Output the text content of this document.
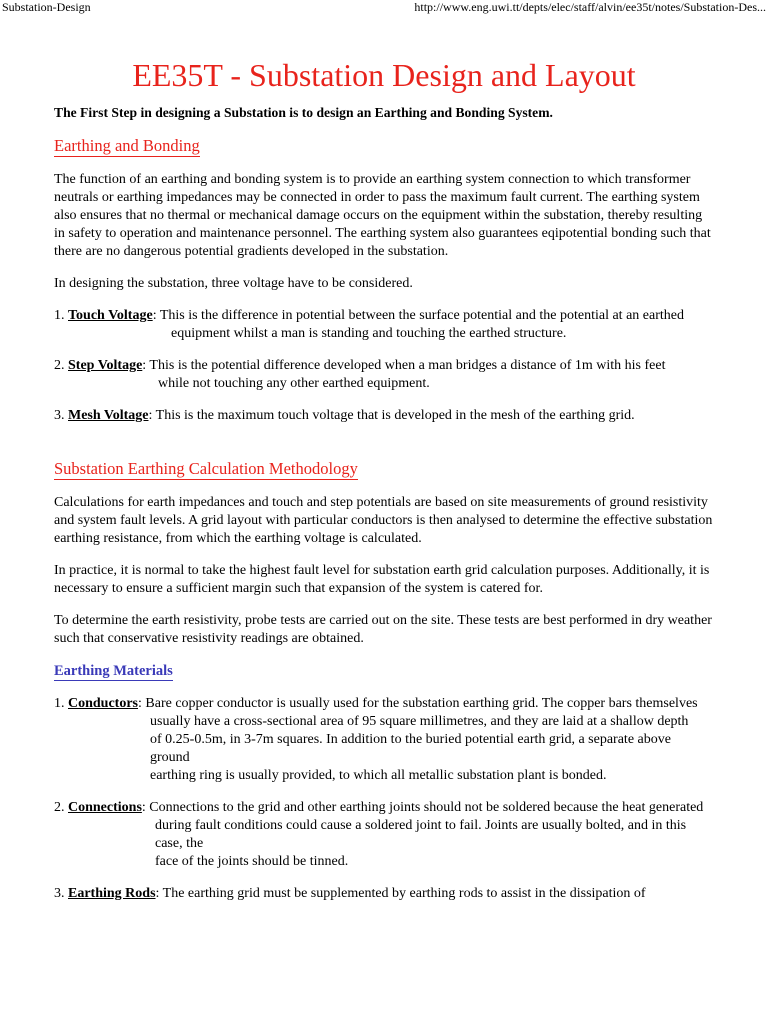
Substation-Design	http://www.eng.uwi.tt/depts/elec/staff/alvin/ee35t/notes/Substation-Des...
EE35T - Substation Design and Layout
The First Step in designing a Substation is to design an Earthing and Bonding System.
Earthing and Bonding

The function of an earthing and bonding system is to provide an earthing system connection to which transformer neutrals or earthing impedances may be connected in order to pass the maximum fault current. The earthing system also ensures that no thermal or mechanical damage occurs on the equipment within the substation, thereby resulting in safety to operation and maintenance personnel. The earthing system also guarantees eqipotential bonding such that there are no dangerous potential gradients developed in the substation.

In designing the substation, three voltage have to be considered.

1. Touch Voltage: This is the difference in potential between the surface potential and the potential at an earthed
equipment whilst a man is standing and touching the earthed structure.
2. Step Voltage: This is the potential difference developed when a man bridges a distance of 1m with his feet
while not touching any other earthed equipment.
3. Mesh Voltage: This is the maximum touch voltage that is developed in the mesh of the earthing grid.
Substation Earthing Calculation Methodology

Calculations for earth impedances and touch and step potentials are based on site measurements of ground resistivity and system fault levels. A grid layout with particular conductors is then analysed to determine the effective substation earthing resistance, from which the earthing voltage is calculated.

In practice, it is normal to take the highest fault level for substation earth grid calculation purposes. Additionally, it is necessary to ensure a sufficient margin such that expansion of the system is catered for.

To determine the earth resistivity, probe tests are carried out on the site. These tests are best performed in dry weather such that conservative resistivity readings are obtained.

Earthing Materials
1. Conductors: Bare copper conductor is usually used for the substation earthing grid. The copper bars themselves
usually have a cross-sectional area of 95 square millimetres, and they are laid at a shallow depth
of 0.25-0.5m, in 3-7m squares. In addition to the buried potential earth grid, a separate above ground
earthing ring is usually provided, to which all metallic substation plant is bonded.
2. Connections: Connections to the grid and other earthing joints should not be soldered because the heat generated
during fault conditions could cause a soldered joint to fail. Joints are usually bolted, and in this case, the
face of the joints should be tinned.
3. Earthing Rods: The earthing grid must be supplemented by earthing rods to assist in the dissipation of
